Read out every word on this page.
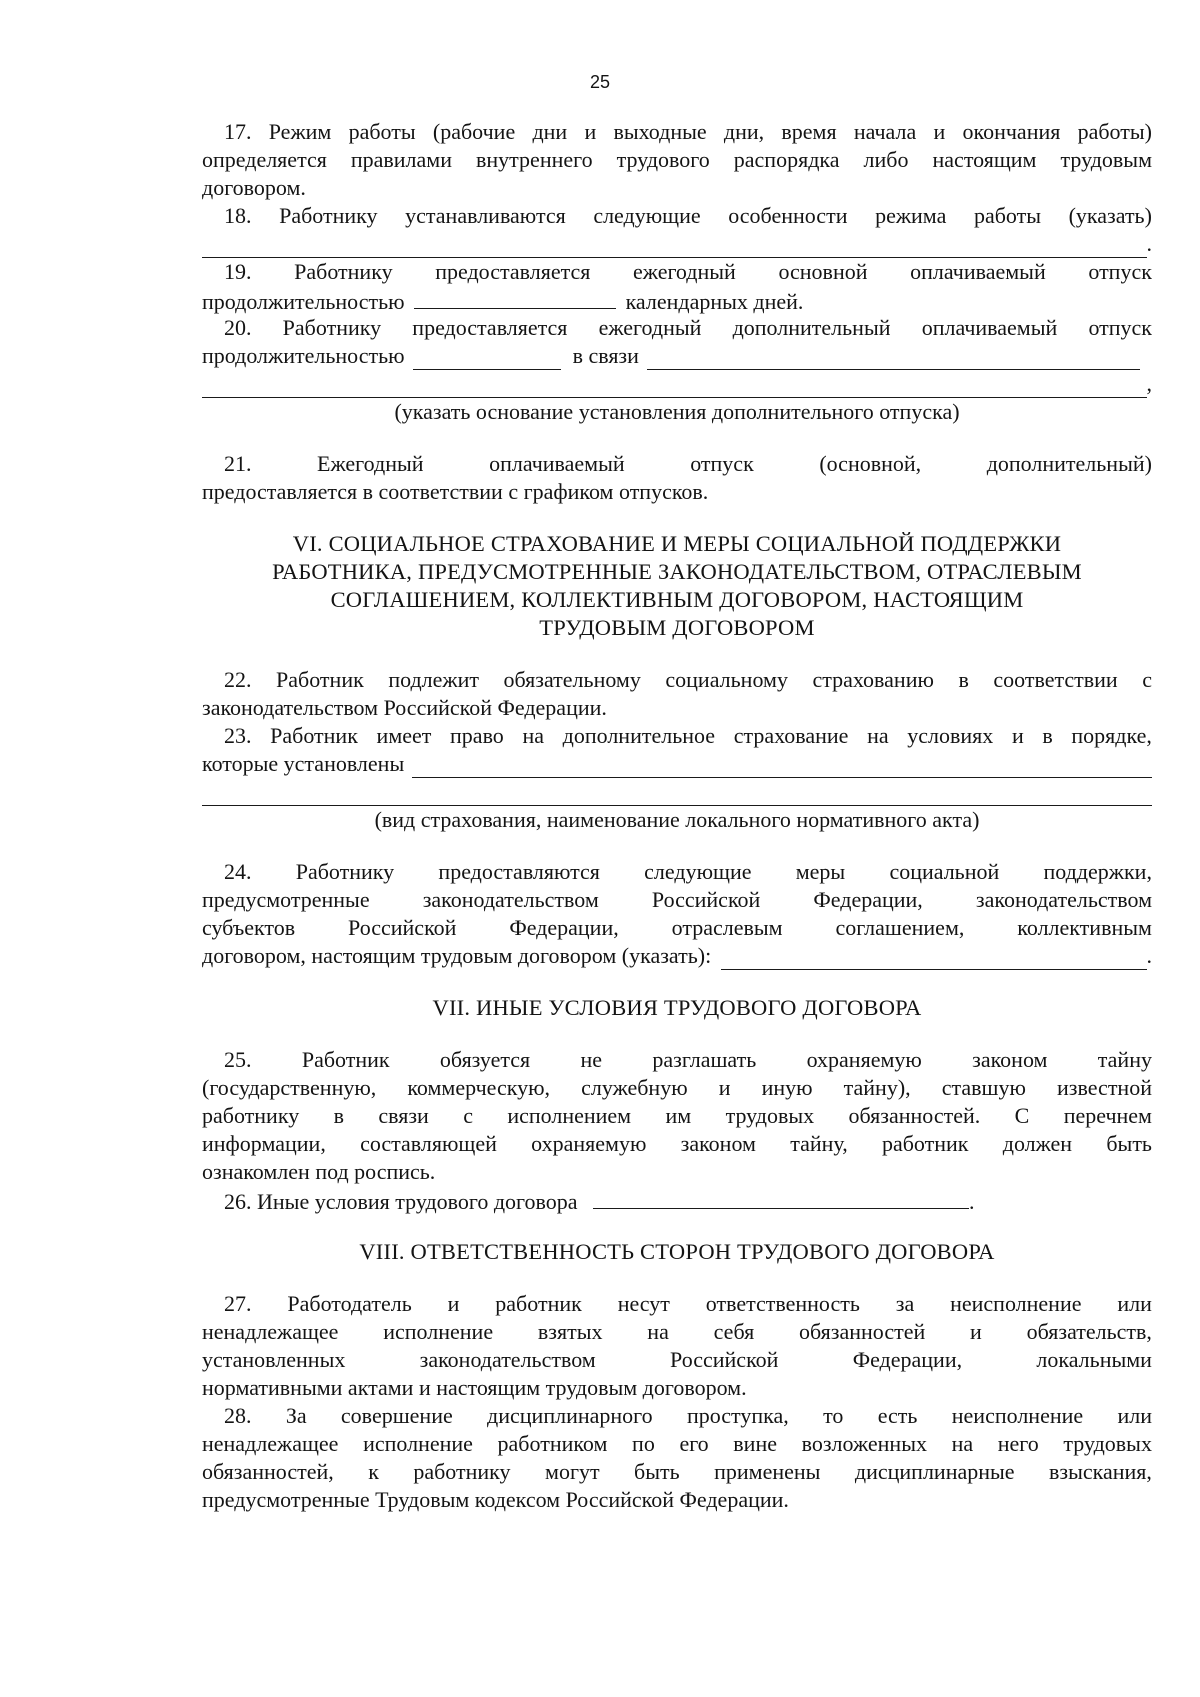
25
17. Режим работы (рабочие дни и выходные дни, время начала и окончания работы)
определяется правилами внутреннего трудового распорядка либо настоящим трудовым
договором.
18. Работнику устанавливаются следующие особенности режима работы (указать)
.
19. Работнику предоставляется ежегодный основной оплачиваемый отпуск
продолжительностью	календарных дней.
20. Работнику предоставляется ежегодный дополнительный оплачиваемый отпуск
продолжительностью	в связи
,
(указать основание установления дополнительного отпуска)
21.	Ежегодный	оплачиваемый	отпуск	(основной,	дополнительный)
предоставляется в соответствии с графиком отпусков.
VI. СОЦИАЛЬНОЕ СТРАХОВАНИЕ И МЕРЫ СОЦИАЛЬНОЙ ПОДДЕРЖКИ
РАБОТНИКА, ПРЕДУСМОТРЕННЫЕ ЗАКОНОДАТЕЛЬСТВОМ, ОТРАСЛЕВЫМ
СОГЛАШЕНИЕМ, КОЛЛЕКТИВНЫМ ДОГОВОРОМ, НАСТОЯЩИМ
ТРУДОВЫМ ДОГОВОРОМ
22. Работник подлежит обязательному социальному страхованию в соответствии с
законодательством Российской Федерации.
23. Работник имеет право на дополнительное страхование на условиях и в порядке,
которые установлены
(вид страхования, наименование локального нормативного акта)
24. Работнику предоставляются следующие меры социальной поддержки,
предусмотренные законодательством Российской Федерации, законодательством
субъектов Российской Федерации, отраслевым соглашением, коллективным
договором, настоящим трудовым договором (указать):	.
VII. ИНЫЕ УСЛОВИЯ ТРУДОВОГО ДОГОВОРА
25. Работник обязуется не разглашать охраняемую законом тайну
(государственную, коммерческую, служебную и иную тайну), ставшую известной
работнику в связи с исполнением им трудовых обязанностей. С перечнем
информации, составляющей охраняемую законом тайну, работник должен быть
ознакомлен под роспись.
26. Иные условия трудового договора	.
VIII. ОТВЕТСТВЕННОСТЬ СТОРОН ТРУДОВОГО ДОГОВОРА
27. Работодатель и работник несут ответственность за неисполнение или
ненадлежащее исполнение взятых на себя обязанностей и обязательств,
установленных	законодательством	Российской	Федерации,	локальными
нормативными актами и настоящим трудовым договором.
28. За совершение дисциплинарного проступка, то есть неисполнение или
ненадлежащее исполнение работником по его вине возложенных на него трудовых
обязанностей, к работнику могут быть применены дисциплинарные взыскания,
предусмотренные Трудовым кодексом Российской Федерации.
